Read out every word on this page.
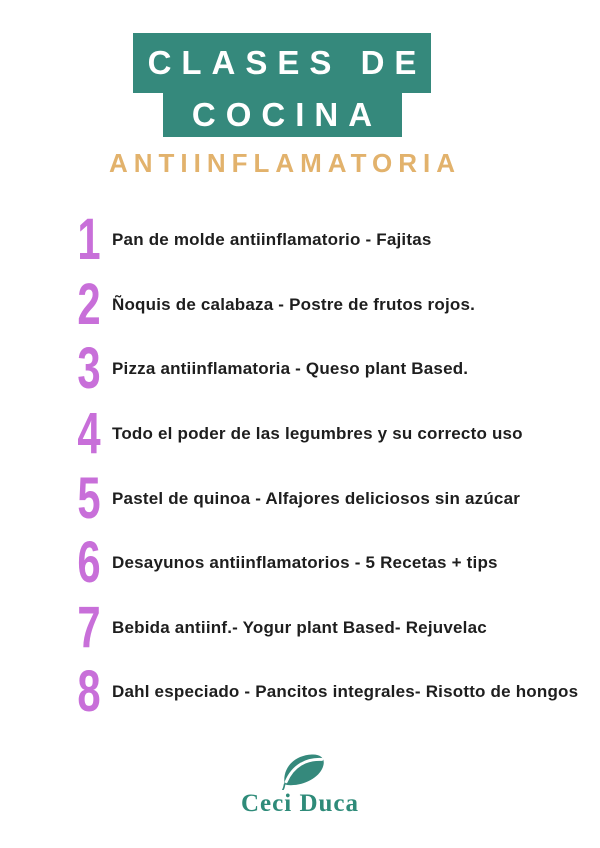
CLASES DE
COCINA
ANTIINFLAMATORIA
1 Pan de molde antiinflamatorio - Fajitas
2 Ñoquis de calabaza - Postre de frutos rojos.
3 Pizza antiinflamatoria - Queso plant Based.
4 Todo el poder de las legumbres y su correcto uso
5 Pastel de quinoa - Alfajores deliciosos sin azúcar
6 Desayunos antiinflamatorios - 5 Recetas + tips
7 Bebida antiinf.- Yogur plant Based- Rejuvelac
8 Dahl especiado - Pancitos integrales- Risotto de hongos
Ceci Duca
